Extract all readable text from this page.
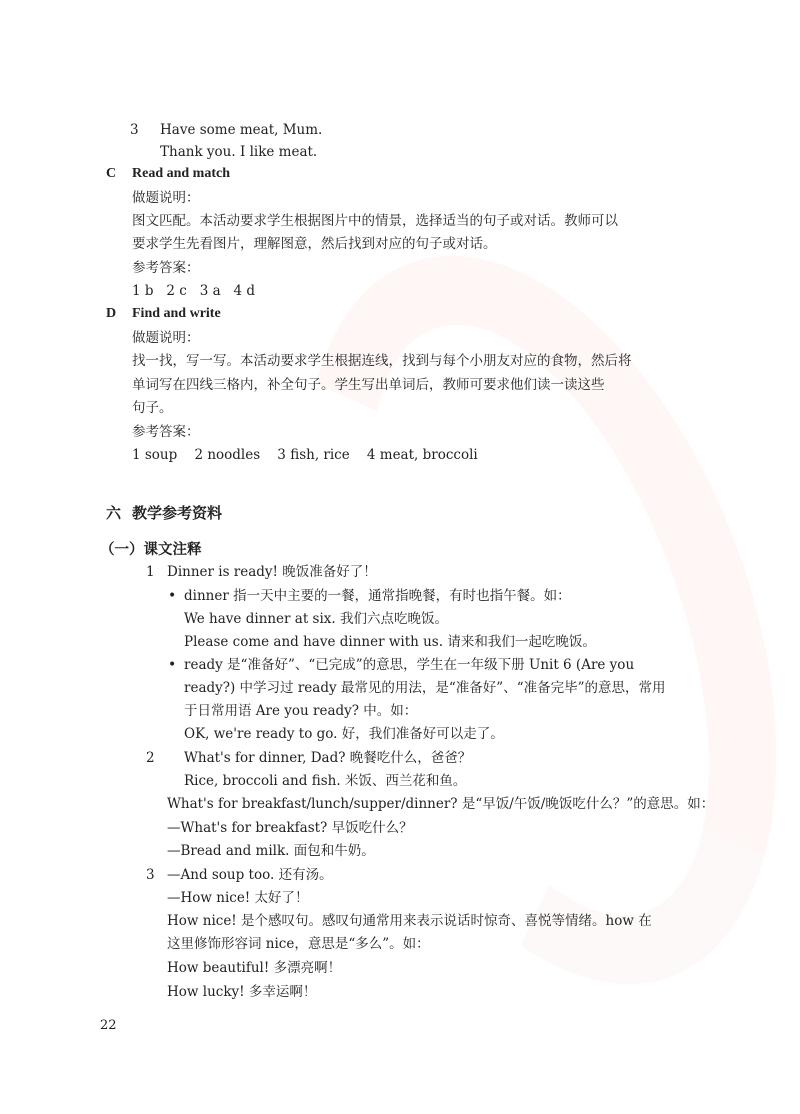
3 Have some meat, Mum.
Thank you. I like meat.
C Read and match
做题说明：
图文匹配。本活动要求学生根据图片中的情景，选择适当的句子或对话。教师可以
要求学生先看图片，理解图意，然后找到对应的句子或对话。
参考答案：
1 b   2 c   3 a   4 d
D Find and write
做题说明：
找一找，写一写。本活动要求学生根据连线，找到与每个小朋友对应的食物，然后将
单词写在四线三格内，补全句子。学生写出单词后，教师可要求他们读一读这些
句子。
参考答案：
1 soup    2 noodles    3 fish, rice    4 meat, broccoli
六 教学参考资料
（一）课文注释
1 Dinner is ready! 晚饭准备好了！
• dinner 指一天中主要的一餐，通常指晚餐，有时也指午餐。如：
We have dinner at six. 我们六点吃晚饭。
Please come and have dinner with us. 请来和我们一起吃晚饭。
• ready 是“准备好”、“已完成”的意思，学生在一年级下册 Unit 6 (Are you
ready?) 中学习过 ready 最常见的用法，是“准备好”、“准备完毕”的意思，常用
于日常用语 Are you ready? 中。如：
OK, we're ready to go. 好，我们准备好可以走了。
2 What's for dinner, Dad? 晚餐吃什么，爸爸？
Rice, broccoli and fish. 米饭、西兰花和鱼。
What's for breakfast/lunch/supper/dinner? 是“早饭/午饭/晚饭吃什么？”的意思。如：
—What's for breakfast? 早饭吃什么？
—Bread and milk. 面包和牛奶。
3 —And soup too. 还有汤。
—How nice! 太好了！
How nice! 是个感叹句。感叹句通常用来表示说话时惊奇、喜悦等情绪。how 在
这里修饰形容词 nice，意思是“多么”。如：
How beautiful! 多漂亮啊！
How lucky! 多幸运啊！
22
